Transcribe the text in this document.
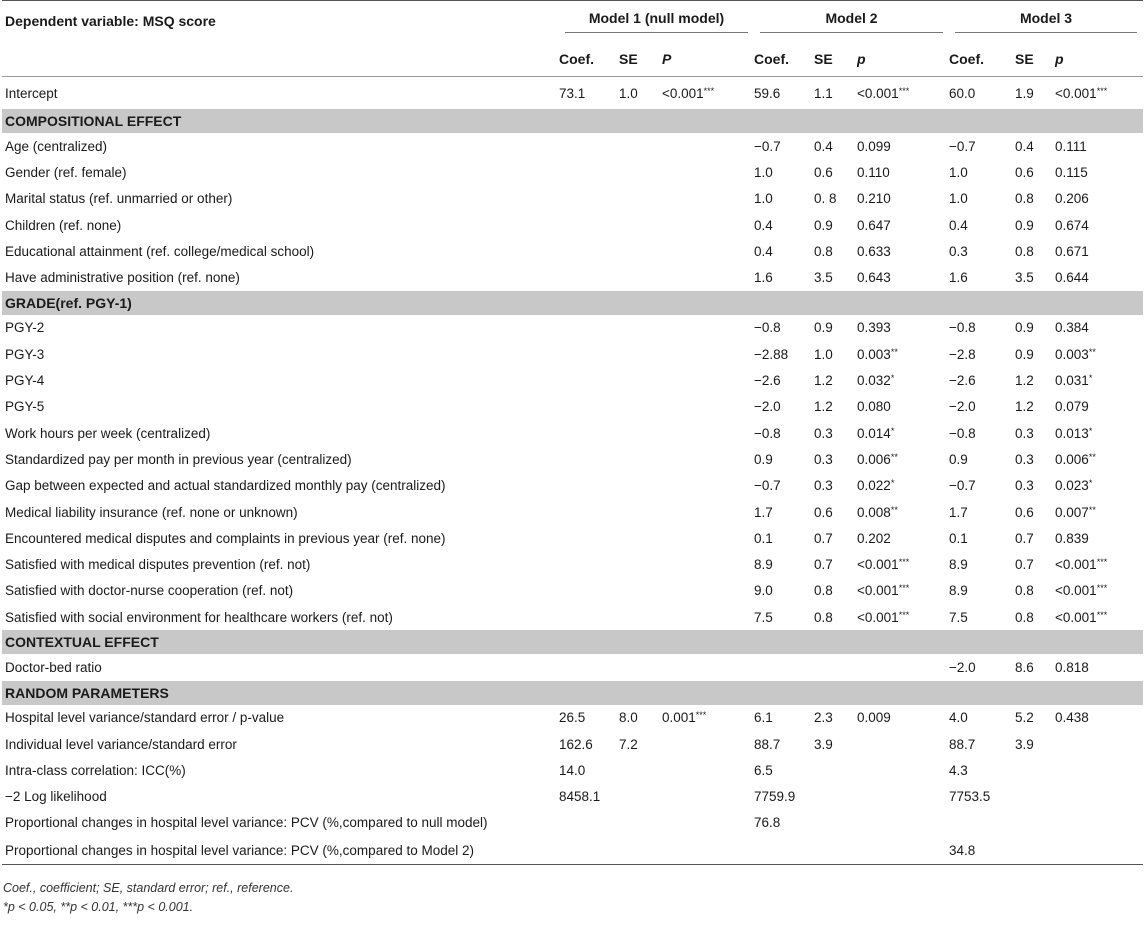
Dependent variable: MSQ score	Model 1 (null model)			Model 2			Model 3		

	Coef.	SE	P	Coef.	SE	p	Coef.	SE	p
Intercept	73.1	1.0	<0.001***	59.6	1.1	<0.001***	60.0	1.9	<0.001***
COMPOSITIONAL EFFECT									
Age (centralized)				−0.7	0.4	0.099	−0.7	0.4	0.111
Gender (ref. female)				1.0	0.6	0.110	1.0	0.6	0.115
Marital status (ref. unmarried or other)				1.0	0. 8	0.210	1.0	0.8	0.206
Children (ref. none)				0.4	0.9	0.647	0.4	0.9	0.674
Educational attainment (ref. college/medical school)				0.4	0.8	0.633	0.3	0.8	0.671
Have administrative position (ref. none)				1.6	3.5	0.643	1.6	3.5	0.644
GRADE(ref. PGY-1)									
PGY-2				−0.8	0.9	0.393	−0.8	0.9	0.384
PGY-3				−2.88	1.0	0.003**	−2.8	0.9	0.003**
PGY-4				−2.6	1.2	0.032*	−2.6	1.2	0.031*
PGY-5				−2.0	1.2	0.080	−2.0	1.2	0.079
Work hours per week (centralized)				−0.8	0.3	0.014*	−0.8	0.3	0.013*
Standardized pay per month in previous year (centralized)				0.9	0.3	0.006**	0.9	0.3	0.006**
Gap between expected and actual standardized monthly pay (centralized)				−0.7	0.3	0.022*	−0.7	0.3	0.023*
Medical liability insurance (ref. none or unknown)				1.7	0.6	0.008**	1.7	0.6	0.007**
Encountered medical disputes and complaints in previous year (ref. none)				0.1	0.7	0.202	0.1	0.7	0.839
Satisfied with medical disputes prevention (ref. not)				8.9	0.7	<0.001***	8.9	0.7	<0.001***
Satisfied with doctor-nurse cooperation (ref. not)				9.0	0.8	<0.001***	8.9	0.8	<0.001***
Satisfied with social environment for healthcare workers (ref. not)				7.5	0.8	<0.001***	7.5	0.8	<0.001***
CONTEXTUAL EFFECT									
Doctor-bed ratio							−2.0	8.6	0.818
RANDOM PARAMETERS									
Hospital level variance/standard error / p-value	26.5	8.0	0.001***	6.1	2.3	0.009	4.0	5.2	0.438
Individual level variance/standard error	162.6	7.2		88.7	3.9		88.7	3.9	
Intra-class correlation: ICC(%)	14.0			6.5			4.3		
−2 Log likelihood	8458.1			7759.9			7753.5		
Proportional changes in hospital level variance: PCV (%,compared to null model)				76.8					
Proportional changes in hospital level variance: PCV (%,compared to Model 2)							34.8		
Coef., coefficient; SE, standard error; ref., reference.
*p < 0.05, **p < 0.01, ***p < 0.001.
